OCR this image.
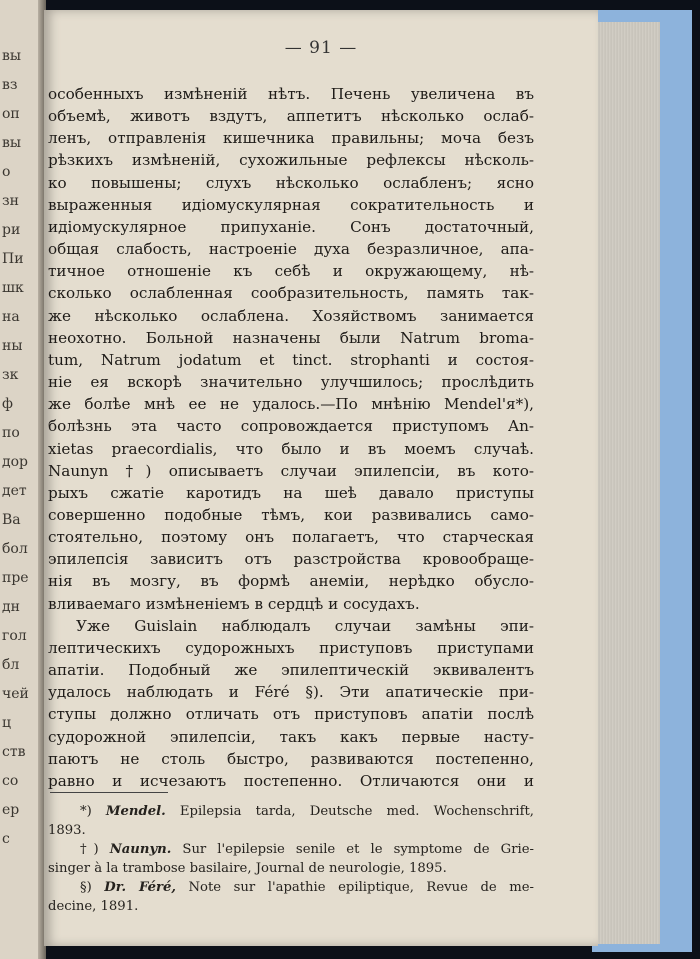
вы
вз
оп
вы
о
зн
ри
Пи
шк
на
ны
зк
ф
по
дор
дет
Ва
бол
пре
дн
гол
бл
чей
ц
ств
со
ер
с
— 91 —
особенныхъ измѣненій нѣтъ. Печень увеличена въ
объемѣ, животъ вздутъ, аппетитъ нѣсколько ослаб-
ленъ, отправленія кишечника правильны; моча безъ
рѣзкихъ измѣненій, сухожильные рефлексы нѣсколь-
ко повышены; слухъ нѣсколько ослабленъ; ясно
выраженныя идіомускулярная сократительность и
идіомускулярное припуханіе. Сонъ достаточный,
общая слабость, настроеніе духа безразличное, апа-
тичное отношеніе къ себѣ и окружающему, нѣ-
сколько ослабленная сообразительность, память так-
же нѣсколько ослаблена. Хозяйствомъ занимается
неохотно. Больной назначены были Natrum bromа-
tum, Natrum jodatum et tinct. strophanti и состоя-
ніе ея вскорѣ значительно улучшилось; прослѣдить
же болѣе мнѣ ее не удалось.—По мнѣнію Mendel'я*),
болѣзнь эта часто сопровождается приступомъ An-
xietas praecordialis, что было и въ моемъ случаѣ.
Naunyn †) описываетъ случаи эпилепсіи, въ кото-
рыхъ сжатіе каротидъ на шеѣ давало приступы
совершенно подобные тѣмъ, кои развивались само-
стоятельно, поэтому онъ полагаетъ, что старческая
эпилепсія зависитъ отъ разстройства кровообраще-
нія въ мозгу, въ формѣ анеміи, нерѣдко обусло-
вливаемаго измѣненіемъ в сердцѣ и сосудахъ.
Уже Guislain наблюдалъ случаи замѣны эпи-
лептическихъ судорожныхъ приступовъ приступами
апатіи. Подобный же эпилептическій эквивалентъ
удалось наблюдать и Féré §). Эти апатическіе при-
ступы должно отличать отъ приступовъ апатіи послѣ
судорожной эпилепсіи, такъ какъ первые насту-
паютъ не столь быстро, развиваются постепенно,
равно и исчезаютъ постепенно. Отличаются они и
*) Mendel. Epilepsia tarda, Deutsche med. Wochenschrift,
1893.
†) Naunyn. Sur l'epilepsie senile et le symptome de Grie-
singer à la trambose basilaire, Journal de neurologie, 1895.
§) Dr. Féré, Note sur l'apathie epiliptique, Revue de me-
decine, 1891.
